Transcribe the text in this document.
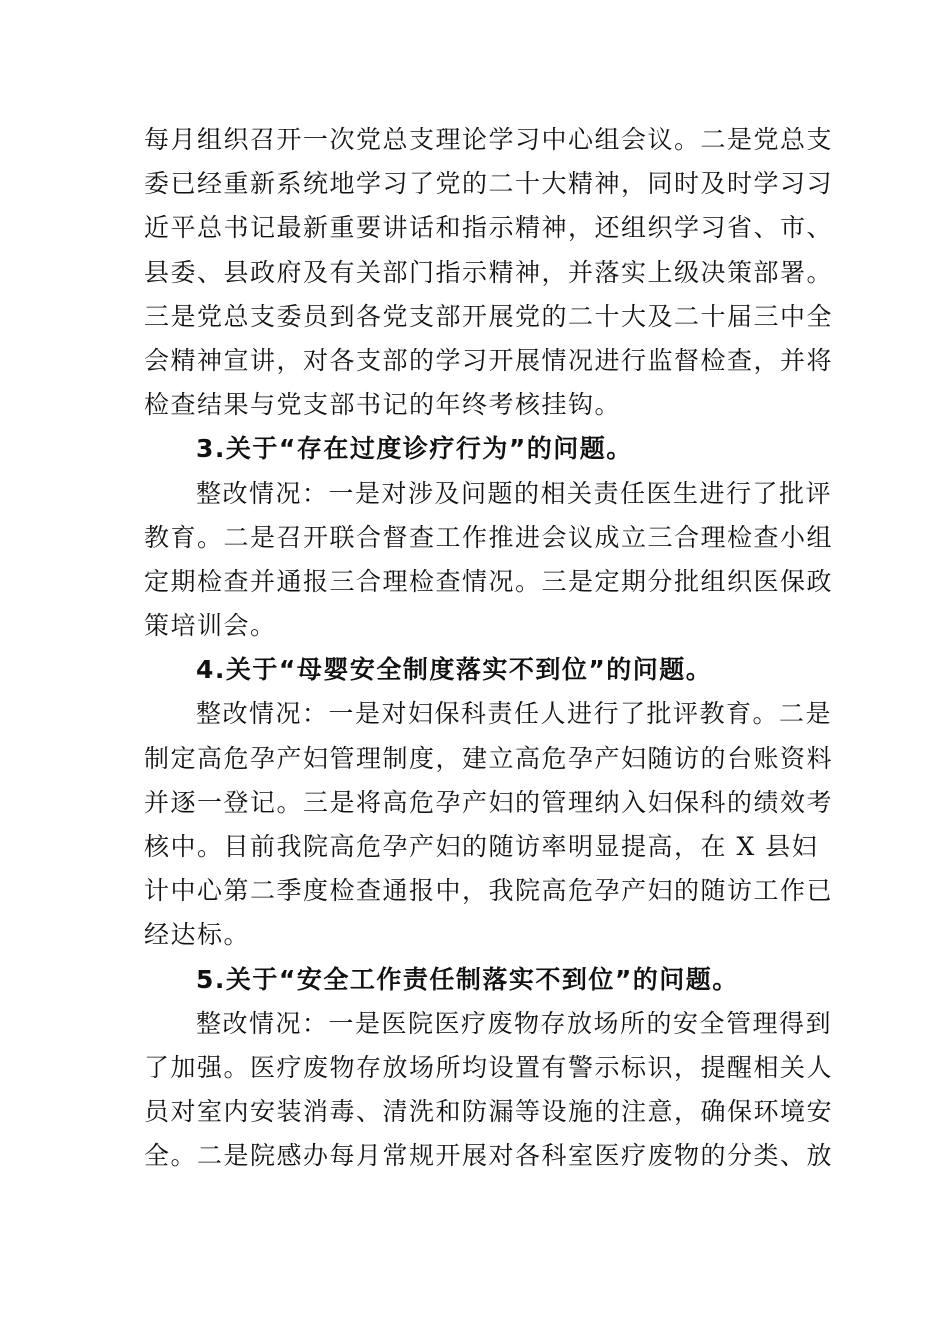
每月组织召开一次党总支理论学习中心组会议。二是党总支
委已经重新系统地学习了党的二十大精神，同时及时学习习
近平总书记最新重要讲话和指示精神，还组织学习省、市、
县委、县政府及有关部门指示精神，并落实上级决策部署。
三是党总支委员到各党支部开展党的二十大及二十届三中全
会精神宣讲，对各支部的学习开展情况进行监督检查，并将
检查结果与党支部书记的年终考核挂钩。
3.关于“存在过度诊疗行为”的问题。
整改情况：一是对涉及问题的相关责任医生进行了批评
教育。二是召开联合督查工作推进会议成立三合理检查小组
定期检查并通报三合理检查情况。三是定期分批组织医保政
策培训会。
4.关于“母婴安全制度落实不到位”的问题。
整改情况：一是对妇保科责任人进行了批评教育。二是
制定高危孕产妇管理制度，建立高危孕产妇随访的台账资料
并逐一登记。三是将高危孕产妇的管理纳入妇保科的绩效考
核中。目前我院高危孕产妇的随访率明显提高，在 X 县妇
计中心第二季度检查通报中，我院高危孕产妇的随访工作已
经达标。
5.关于“安全工作责任制落实不到位”的问题。
整改情况：一是医院医疗废物存放场所的安全管理得到
了加强。医疗废物存放场所均设置有警示标识，提醒相关人
员对室内安装消毒、清洗和防漏等设施的注意，确保环境安
全。二是院感办每月常规开展对各科室医疗废物的分类、放
